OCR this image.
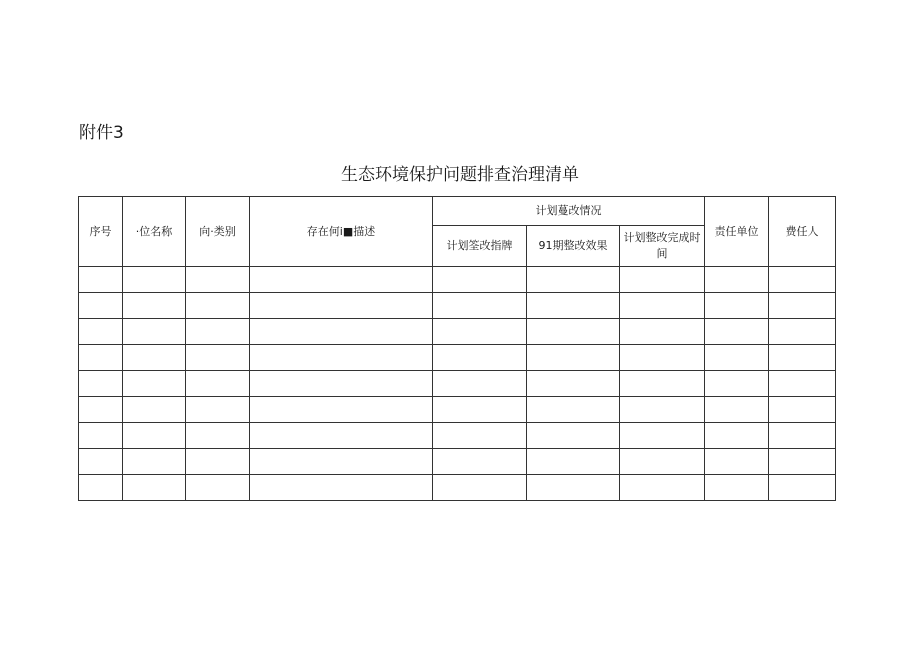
附件3
生态环境保护问题排查治理清单
序号	·位名称	向·类别	存在何i■描述	计划蔓改情况			责任单位	费任人
				计划筌改指牌	91期整改效果	计划整改完成时间		
